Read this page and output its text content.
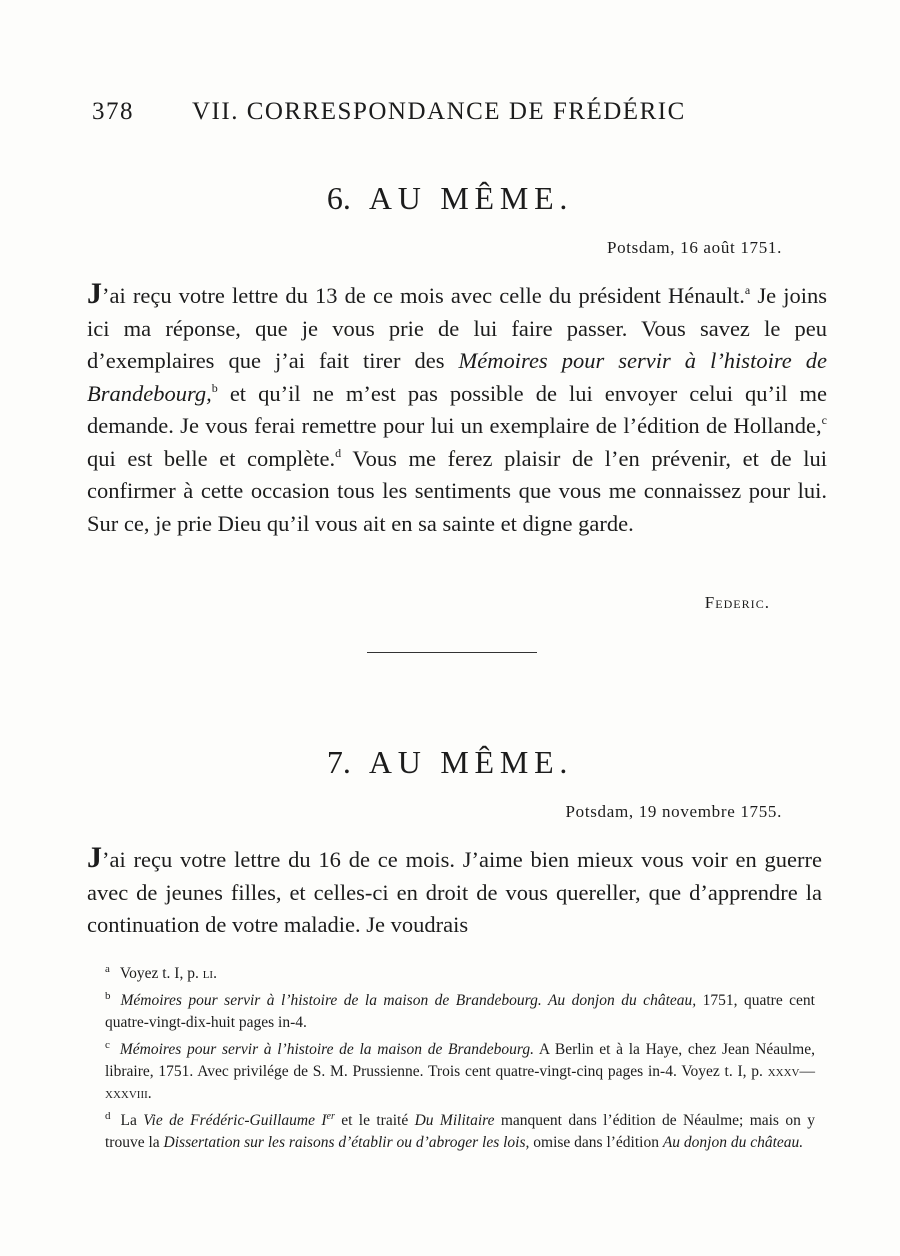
378 VII. CORRESPONDANCE DE FRÉDÉRIC
6. AU MÊME.
Potsdam, 16 août 1751.

J’ai reçu votre lettre du 13 de ce mois avec celle du président Hénault.$^a$ Je joins ici ma réponse, que je vous prie de lui faire passer. Vous savez le peu d’exemplaires que j’ai fait tirer des Mémoires pour servir à l’histoire de Brandebourg,$^b$ et qu’il ne m’est pas possible de lui envoyer celui qu’il me demande. Je vous ferai remettre pour lui un exemplaire de l’édition de Hollande,$^c$ qui est belle et complète.$^d$ Vous me ferez plaisir de l’en prévenir, et de lui confirmer à cette occasion tous les sentiments que vous me connaissez pour lui. Sur ce, je prie Dieu qu’il vous ait en sa sainte et digne garde.

Federic.
7. AU MÊME.
Potsdam, 19 novembre 1755.

J’ai reçu votre lettre du 16 de ce mois. J’aime bien mieux vous voir en guerre avec de jeunes filles, et celles-ci en droit de vous quereller, que d’apprendre la continuation de votre maladie. Je voudrais

a Voyez t. I, p. li.

b Mémoires pour servir à l’histoire de la maison de Brandebourg. Au donjon du château, 1751, quatre cent quatre-vingt-dix-huit pages in-4.

c Mémoires pour servir à l’histoire de la maison de Brandebourg. A Berlin et à la Haye, chez Jean Néaulme, libraire, 1751. Avec privilége de S. M. Prussienne. Trois cent quatre-vingt-cinq pages in-4. Voyez t. I, p. xxxv—xxxviii.

d La Vie de Frédéric-Guillaume Ier et le traité Du Militaire manquent dans l’édition de Néaulme; mais on y trouve la Dissertation sur les raisons d’établir ou d’abroger les lois, omise dans l’édition Au donjon du château.
